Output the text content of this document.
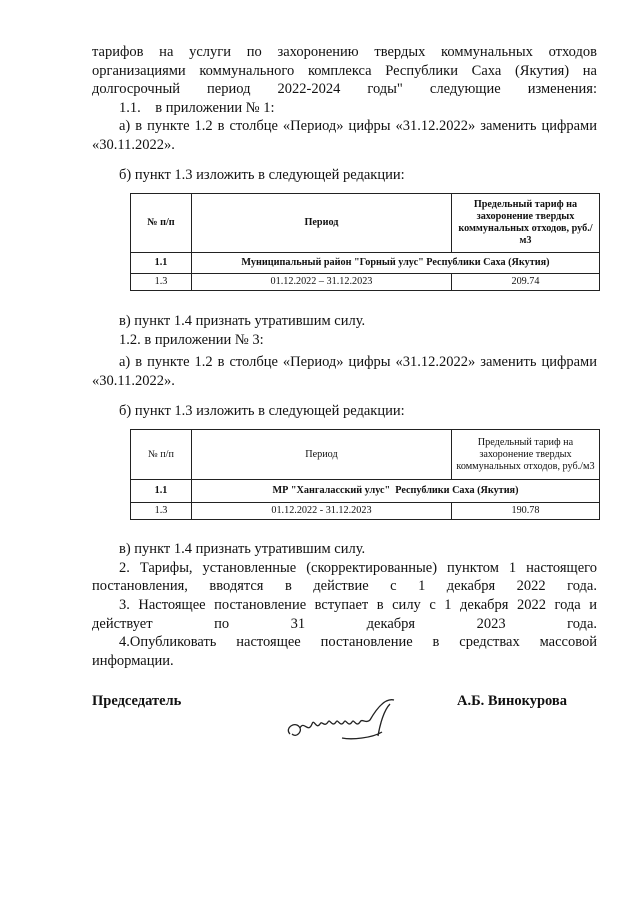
тарифов на услуги по захоронению твердых коммунальных отходов организациями коммунального комплекса Республики Саха (Якутия) на долгосрочный период 2022-2024 годы" следующие изменения:
1.1.    в приложении № 1:
а) в пункте 1.2 в столбце «Период» цифры «31.12.2022» заменить цифрами «30.11.2022».
б) пункт 1.3 изложить в следующей редакции:
№ п/п	Период	Предельный тариф на захоронение твердых коммунальных отходов, руб./м3
1.1	Муниципальный район "Горный улус" Республики Саха (Якутия)	
1.3	01.12.2022 – 31.12.2023	209.74
в) пункт 1.4 признать утратившим силу.
1.2. в приложении № 3:
а) в пункте 1.2 в столбце «Период» цифры «31.12.2022» заменить цифрами «30.11.2022».
б) пункт 1.3 изложить в следующей редакции:
№ п/п	Период	Предельный тариф на захоронение твердых коммунальных отходов, руб./м3
1.1	МР "Хангаласский улус"  Республики Саха (Якутия)	
1.3	01.12.2022 - 31.12.2023	190.78
в) пункт 1.4 признать утратившим силу.
2. Тарифы, установленные (скорректированные) пунктом 1 настоящего постановления, вводятся в действие с 1 декабря 2022 года.
3. Настоящее постановление вступает в силу с 1 декабря 2022 года и действует по 31 декабря 2023 года.
4.Опубликовать настоящее постановление в средствах массовой информации.
Председатель	А.Б. Винокурова
